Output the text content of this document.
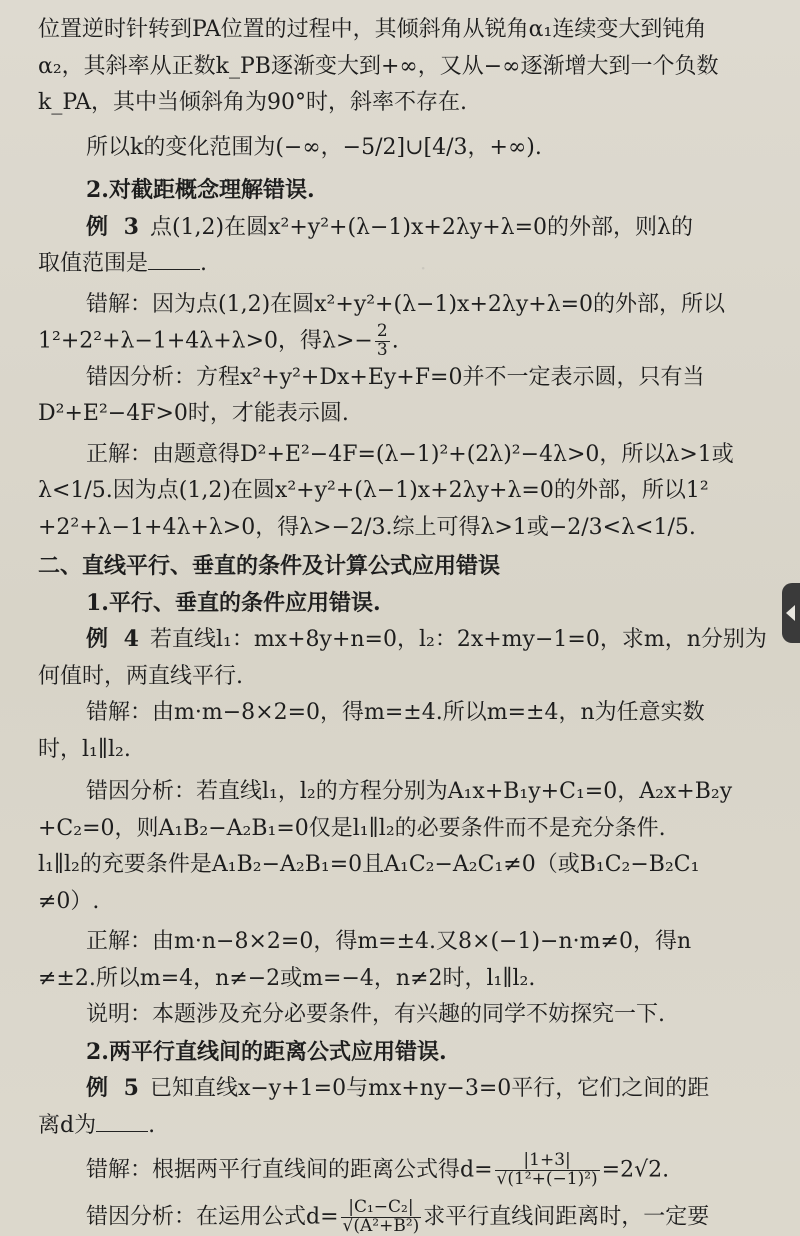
·

位置逆时针转到PA位置的过程中，其倾斜角从锐角α₁连续变大到钝角

α₂，其斜率从正数k_PB逐渐变大到+∞，又从−∞逐渐增大到一个负数

k_PA，其中当倾斜角为90°时，斜率不存在.

所以k的变化范围为(−∞，−5/2]∪[4/3，+∞).

2.对截距概念理解错误.

例 3 点(1,2)在圆x²+y²+(λ−1)x+2λy+λ=0的外部，则λ的

取值范围是 .

错解：因为点(1,2)在圆x²+y²+(λ−1)x+2λy+λ=0的外部，所以

1²+2²+λ−1+4λ+λ>0，得$\lambda>- \frac{2}{3}$ .

错因分析：方程x²+y²+Dx+Ey+F=0并不一定表示圆，只有当

D²+E²−4F>0时，才能表示圆.

正解：由题意得D²+E²−4F=(λ−1)²+(2λ)²−4λ>0，所以λ>1或

λ<1/5.因为点(1,2)在圆x²+y²+(λ−1)x+2λy+λ=0的外部，所以1²

+2²+λ−1+4λ+λ>0，得λ>−2/3.综上可得λ>1或−2/3<λ<1/5.

二、直线平行、垂直的条件及计算公式应用错误

1.平行、垂直的条件应用错误.

例 4 若直线l₁：mx+8y+n=0，l₂：2x+my−1=0，求m，n分别为

何值时，两直线平行.

错解：由m·m−8×2=0，得m=±4.所以m=±4，n为任意实数

时，l₁∥l₂.

错因分析：若直线l₁，l₂的方程分别为A₁x+B₁y+C₁=0，A₂x+B₂y

+C₂=0，则A₁B₂−A₂B₁=0仅是l₁∥l₂的必要条件而不是充分条件.

l₁∥l₂的充要条件是A₁B₂−A₂B₁=0且A₁C₂−A₂C₁≠0（或B₁C₂−B₂C₁

≠0）.

正解：由m·n−8×2=0，得m=±4.又8×(−1)−n·m≠0，得n

≠±2.所以m=4，n≠−2或m=−4，n≠2时，l₁∥l₂.

说明：本题涉及充分必要条件，有兴趣的同学不妨探究一下.

2.两平行直线间的距离公式应用错误.

例 5 已知直线x−y+1=0与mx+ny−3=0平行，它们之间的距

离d为 .

错解：根据两平行直线间的距离公式得$d= \frac{|1+3|}{\text{√(1²+(−1)²)}} =2√2$.

错因分析：在运用公式$d= \frac{\text{|C₁−C₂|}}{\text{√(A²+B²)}}$ 求平行直线间距离时，一定要
